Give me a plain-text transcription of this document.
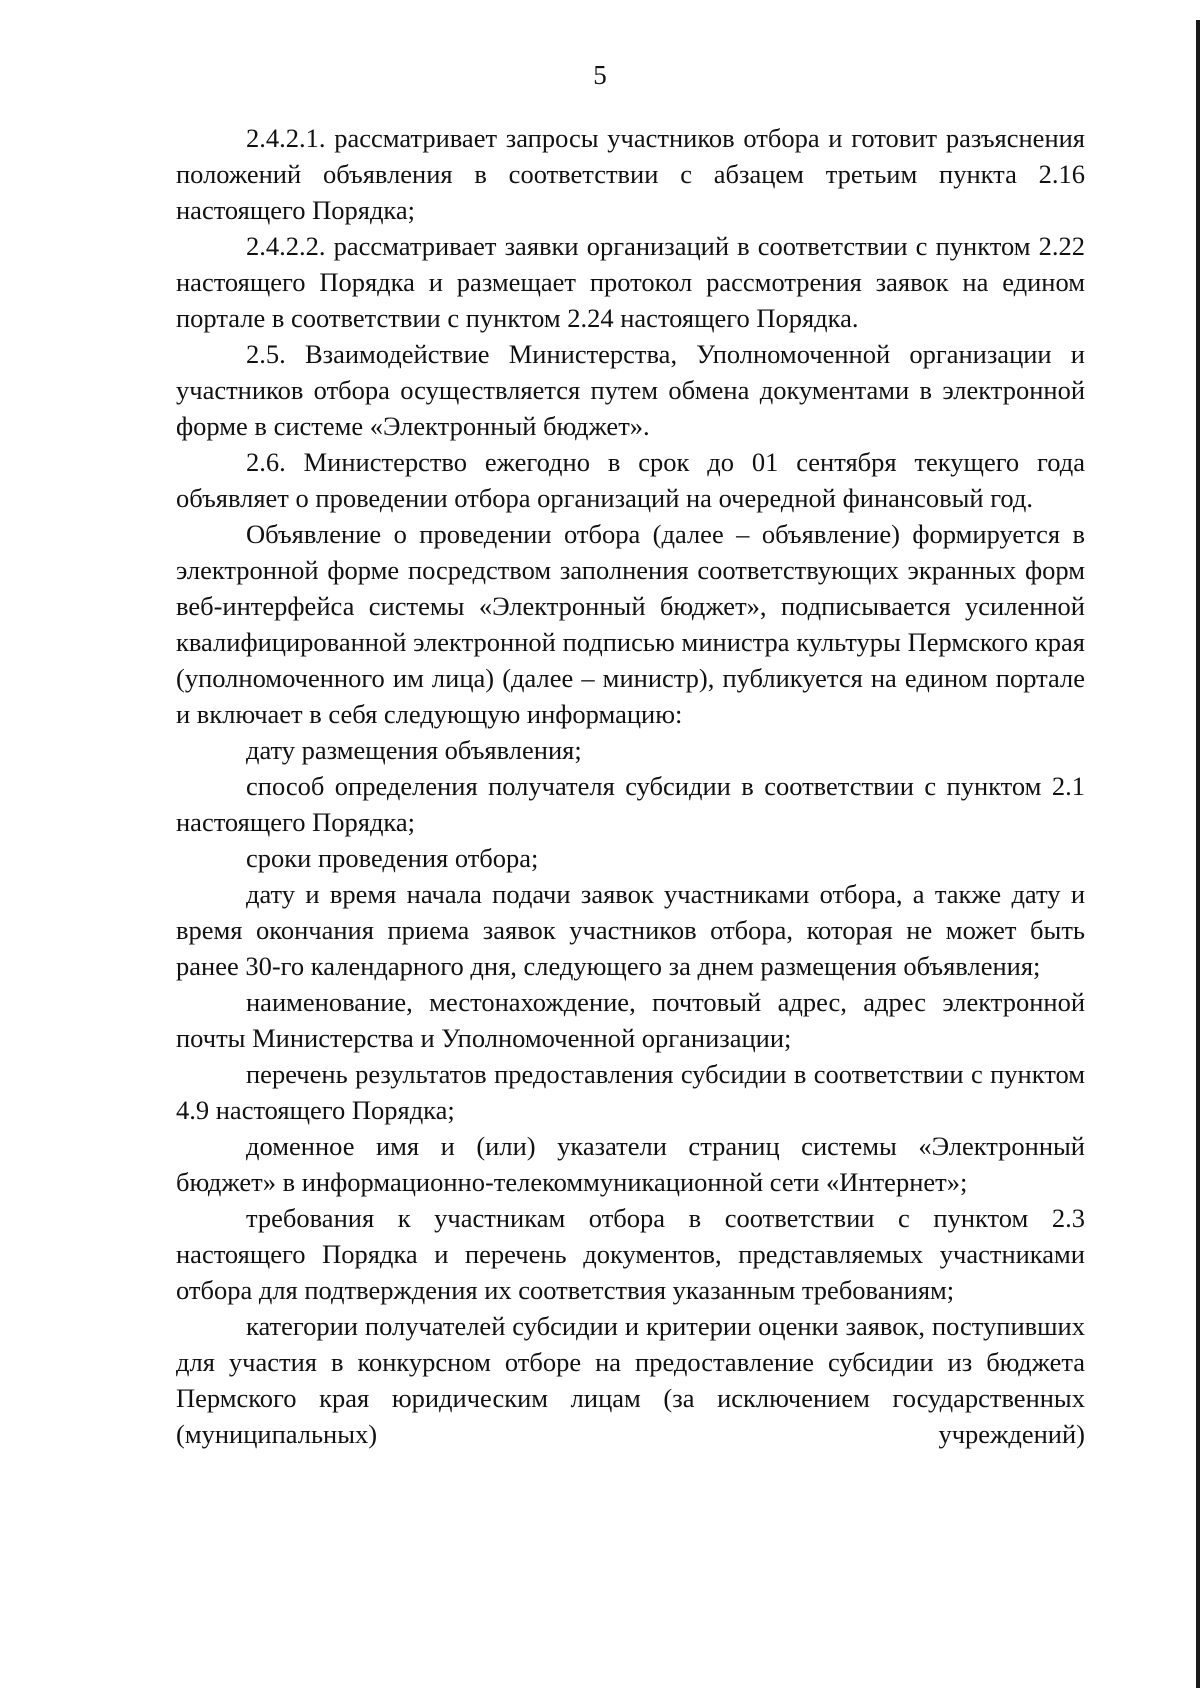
5

2.4.2.1. рассматривает запросы участников отбора и готовит разъяснения положений объявления в соответствии с абзацем третьим пункта 2.16 настоящего Порядка;

2.4.2.2. рассматривает заявки организаций в соответствии с пунктом 2.22 настоящего Порядка и размещает протокол рассмотрения заявок на едином портале в соответствии с пунктом 2.24 настоящего Порядка.

2.5. Взаимодействие Министерства, Уполномоченной организации и участников отбора осуществляется путем обмена документами в электронной форме в системе «Электронный бюджет».

2.6. Министерство ежегодно в срок до 01 сентября текущего года объявляет о проведении отбора организаций на очередной финансовый год.

Объявление о проведении отбора (далее – объявление) формируется в электронной форме посредством заполнения соответствующих экранных форм веб-интерфейса системы «Электронный бюджет», подписывается усиленной квалифицированной электронной подписью министра культуры Пермского края (уполномоченного им лица) (далее – министр), публикуется на едином портале и включает в себя следующую информацию:

дату размещения объявления;

способ определения получателя субсидии в соответствии с пунктом 2.1 настоящего Порядка;

сроки проведения отбора;

дату и время начала подачи заявок участниками отбора, а также дату и время окончания приема заявок участников отбора, которая не может быть ранее 30-го календарного дня, следующего за днем размещения объявления;

наименование, местонахождение, почтовый адрес, адрес электронной почты Министерства и Уполномоченной организации;

перечень результатов предоставления субсидии в соответствии с пунктом 4.9 настоящего Порядка;

доменное имя и (или) указатели страниц системы «Электронный бюджет» в информационно-телекоммуникационной сети «Интернет»;

требования к участникам отбора в соответствии с пунктом 2.3 настоящего Порядка и перечень документов, представляемых участниками отбора для подтверждения их соответствия указанным требованиям;

категории получателей субсидии и критерии оценки заявок, поступивших для участия в конкурсном отборе на предоставление субсидии из бюджета Пермского края юридическим лицам (за исключением государственных (муниципальных) учреждений)
